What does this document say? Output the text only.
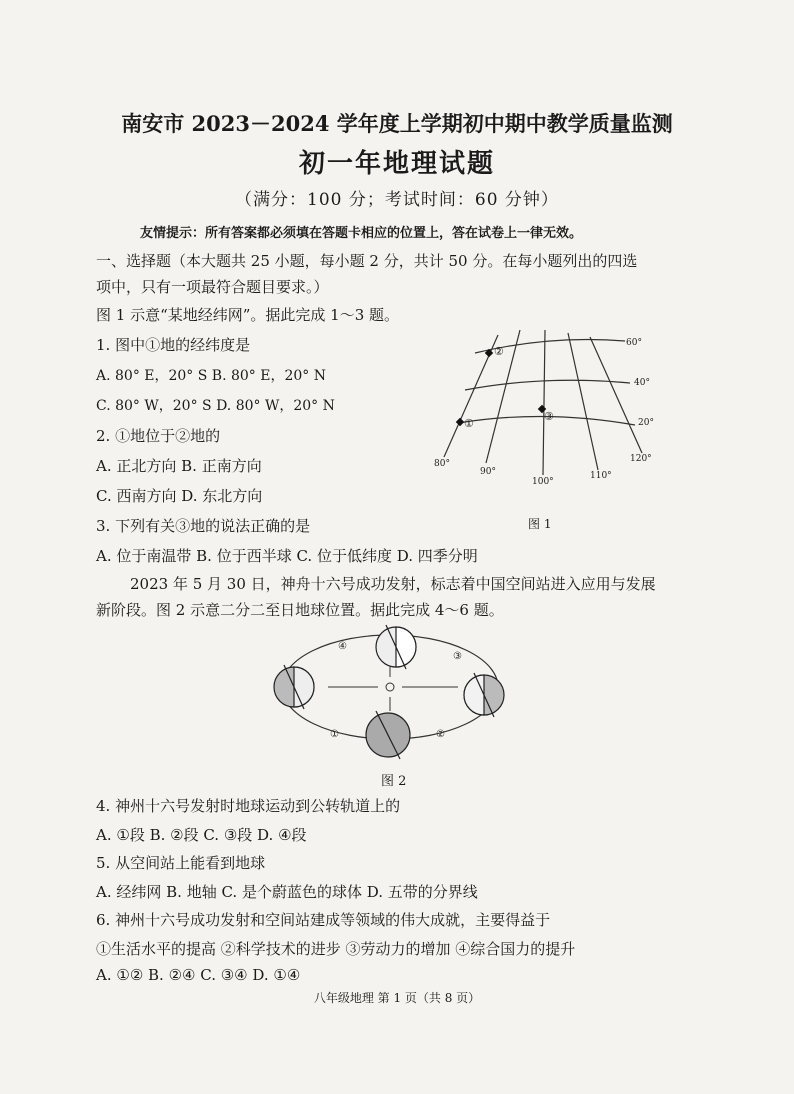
南安市 2023－2024 学年度上学期初中期中教学质量监测
初一年地理试题
（满分：100 分；考试时间：60 分钟）
友情提示：所有答案都必须填在答题卡相应的位置上，答在试卷上一律无效。
一、选择题（本大题共 25 小题，每小题 2 分，共计 50 分。在每小题列出的四选
项中，只有一项最符合题目要求。）
图 1 示意“某地经纬网”。据此完成 1～3 题。
1. 图中①地的经纬度是
A. 80° E，20° S B. 80° E，20° N
C. 80° W，20° S D. 80° W，20° N
2. ①地位于②地的
A. 正北方向 B. 正南方向
C. 西南方向 D. 东北方向
3. 下列有关③地的说法正确的是
A. 位于南温带 B. 位于西半球 C. 位于低纬度 D. 四季分明
图 1
②
①
③
60°
40°
20°
80°
90°
100°
110°
120°
2023 年 5 月 30 日，神舟十六号成功发射，标志着中国空间站进入应用与发展
新阶段。图 2 示意二分二至日地球位置。据此完成 4～6 题。
①	②
③
④
图 2
4. 神州十六号发射时地球运动到公转轨道上的
A. ①段 B. ②段 C. ③段 D. ④段
5. 从空间站上能看到地球
A. 经纬网 B. 地轴 C. 是个蔚蓝色的球体 D. 五带的分界线
6. 神州十六号成功发射和空间站建成等领域的伟大成就，主要得益于
①生活水平的提高 ②科学技术的进步 ③劳动力的增加 ④综合国力的提升
A. ①② B. ②④ C. ③④ D. ①④
八年级地理 第 1 页（共 8 页）
